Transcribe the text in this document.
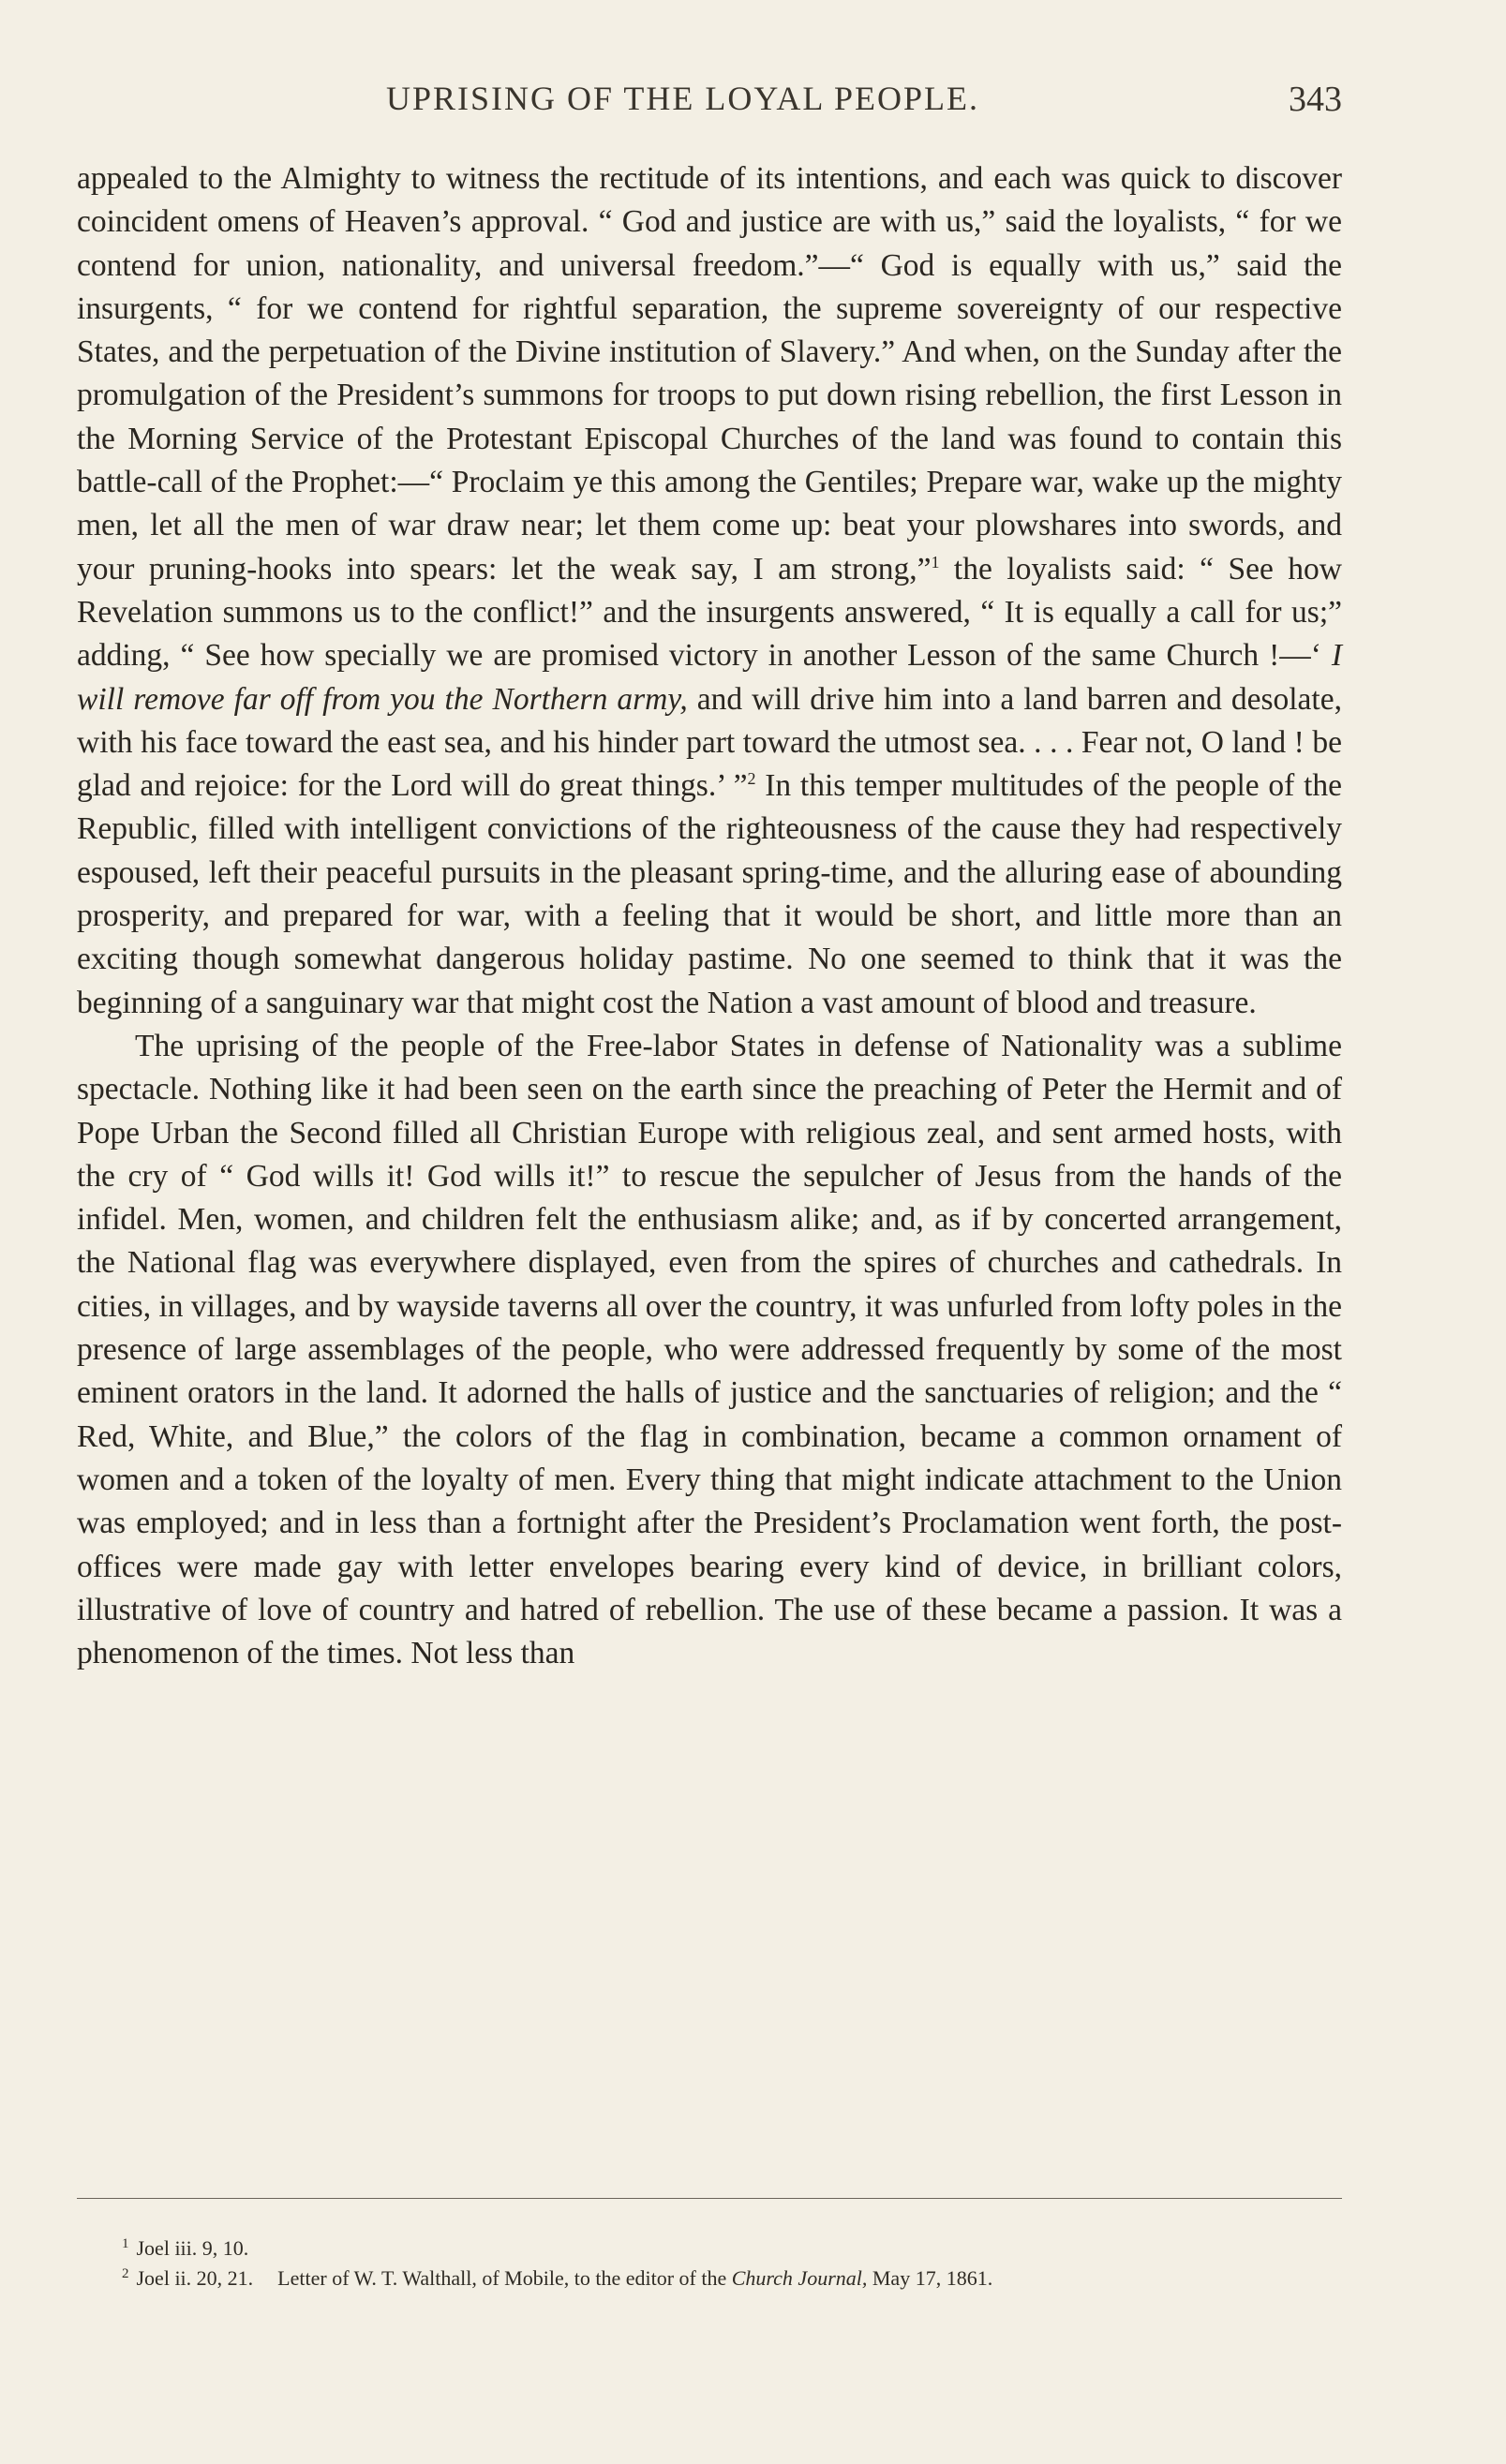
UPRISING OF THE LOYAL PEOPLE.	343

appealed to the Almighty to witness the rectitude of its intentions, and each was quick to discover coincident omens of Heaven’s approval. “ God and justice are with us,” said the loyalists, “ for we contend for union, nationality, and universal freedom.”—“ God is equally with us,” said the insurgents, “ for we contend for rightful separation, the supreme sovereignty of our respective States, and the perpetuation of the Divine institution of Slavery.” And when, on the Sunday after the promulgation of the President’s summons for troops to put down rising rebellion, the first Lesson in the Morning Service of the Protestant Episcopal Churches of the land was found to contain this battle-call of the Prophet:—“ Proclaim ye this among the Gentiles; Prepare war, wake up the mighty men, let all the men of war draw near; let them come up: beat your plowshares into swords, and your pruning-hooks into spears: let the weak say, I am strong,”$^1$ the loyalists said: “ See how Revelation summons us to the conflict!” and the insurgents answered, “ It is equally a call for us;” adding, “ See how specially we are promised victory in another Lesson of the same Church !—‘ I will remove far off from you the Northern army, and will drive him into a land barren and desolate, with his face toward the east sea, and his hinder part toward the utmost sea. . . . Fear not, O land ! be glad and rejoice: for the Lord will do great things.’ ”$^2$ In this temper multitudes of the people of the Republic, filled with intelligent convictions of the righteousness of the cause they had respectively espoused, left their peaceful pursuits in the pleasant spring-time, and the alluring ease of abounding prosperity, and prepared for war, with a feeling that it would be short, and little more than an exciting though somewhat dangerous holiday pastime. No one seemed to think that it was the beginning of a sanguinary war that might cost the Nation a vast amount of blood and treasure.

The uprising of the people of the Free-labor States in defense of Nationality was a sublime spectacle. Nothing like it had been seen on the earth since the preaching of Peter the Hermit and of Pope Urban the Second filled all Christian Europe with religious zeal, and sent armed hosts, with the cry of “ God wills it! God wills it!” to rescue the sepulcher of Jesus from the hands of the infidel. Men, women, and children felt the enthusiasm alike; and, as if by concerted arrangement, the National flag was everywhere displayed, even from the spires of churches and cathedrals. In cities, in villages, and by wayside taverns all over the country, it was unfurled from lofty poles in the presence of large assemblages of the people, who were addressed frequently by some of the most eminent orators in the land. It adorned the halls of justice and the sanctuaries of religion; and the “ Red, White, and Blue,” the colors of the flag in combination, became a common ornament of women and a token of the loyalty of men. Every thing that might indicate attachment to the Union was employed; and in less than a fortnight after the President’s Proclamation went forth, the post-offices were made gay with letter envelopes bearing every kind of device, in brilliant colors, illustrative of love of country and hatred of rebellion. The use of these became a passion. It was a phenomenon of the times. Not less than

$^1$ Joel iii. 9, 10.
$^2$ Joel ii. 20, 21. Letter of W. T. Walthall, of Mobile, to the editor of the Church Journal, May 17, 1861.
